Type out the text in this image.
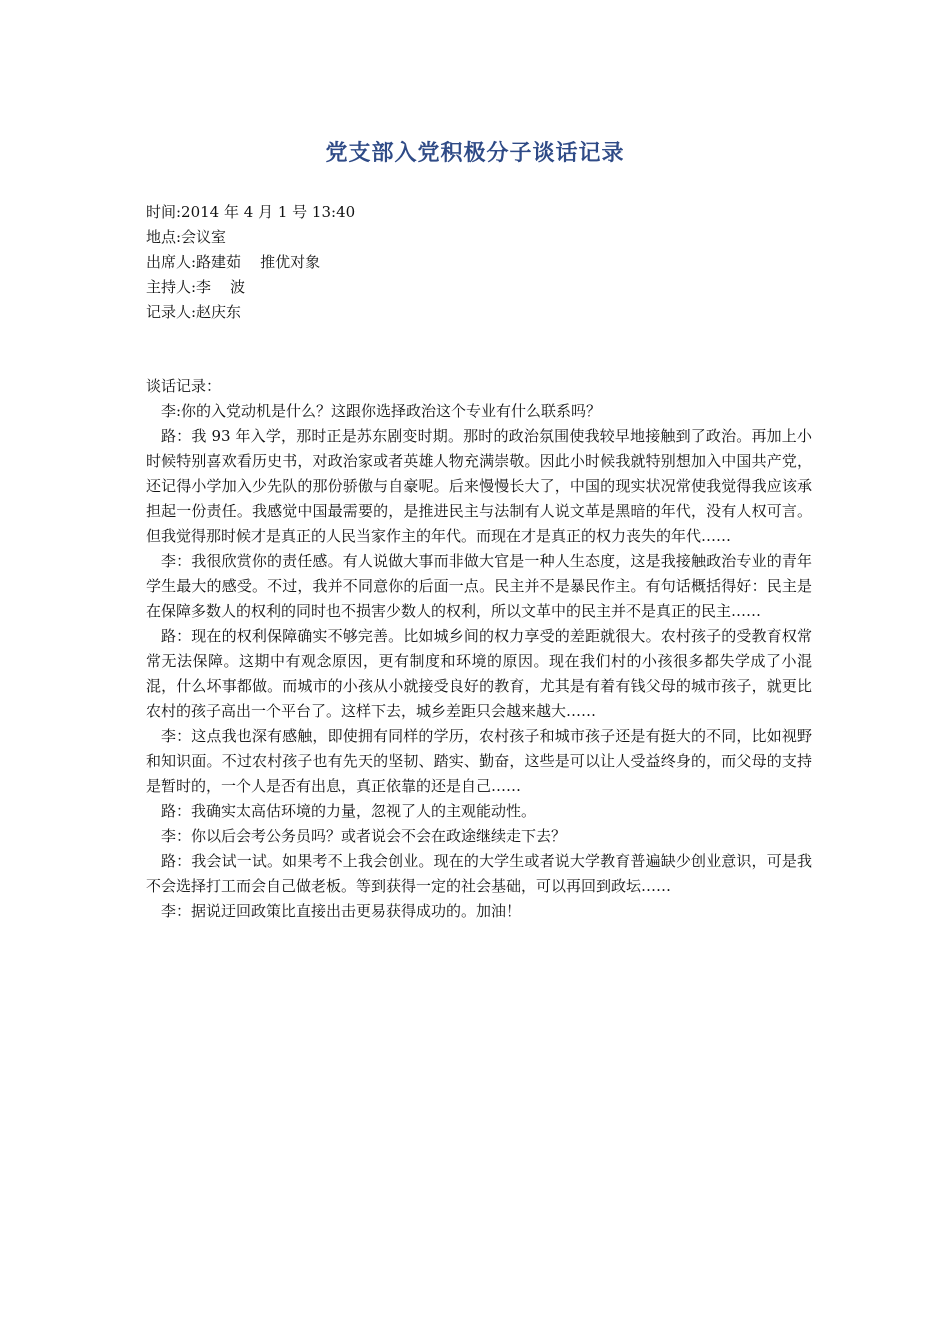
党支部入党积极分子谈话记录
时间:2014 年 4 月 1 号 13:40
地点:会议室
出席人:路建茹    推优对象
主持人:李    波
记录人:赵庆东

谈话记录：

李:你的入党动机是什么？这跟你选择政治这个专业有什么联系吗？

路：我 93 年入学，那时正是苏东剧变时期。那时的政治氛围使我较早地接触到了政治。再加上小时候特别喜欢看历史书，对政治家或者英雄人物充满崇敬。因此小时候我就特别想加入中国共产党，还记得小学加入少先队的那份骄傲与自豪呢。后来慢慢长大了，中国的现实状况常使我觉得我应该承担起一份责任。我感觉中国最需要的，是推进民主与法制有人说文革是黑暗的年代，没有人权可言。但我觉得那时候才是真正的人民当家作主的年代。而现在才是真正的权力丧失的年代……

李：我很欣赏你的责任感。有人说做大事而非做大官是一种人生态度，这是我接触政治专业的青年学生最大的感受。不过，我并不同意你的后面一点。民主并不是暴民作主。有句话概括得好：民主是在保障多数人的权利的同时也不损害少数人的权利，所以文革中的民主并不是真正的民主……

路：现在的权利保障确实不够完善。比如城乡间的权力享受的差距就很大。农村孩子的受教育权常常无法保障。这期中有观念原因，更有制度和环境的原因。现在我们村的小孩很多都失学成了小混混，什么坏事都做。而城市的小孩从小就接受良好的教育，尤其是有着有钱父母的城市孩子，就更比农村的孩子高出一个平台了。这样下去，城乡差距只会越来越大……

李：这点我也深有感触，即使拥有同样的学历，农村孩子和城市孩子还是有挺大的不同，比如视野和知识面。不过农村孩子也有先天的坚韧、踏实、勤奋，这些是可以让人受益终身的，而父母的支持是暂时的，一个人是否有出息，真正依靠的还是自己……

路：我确实太高估环境的力量，忽视了人的主观能动性。

李：你以后会考公务员吗？或者说会不会在政途继续走下去？

路：我会试一试。如果考不上我会创业。现在的大学生或者说大学教育普遍缺少创业意识，可是我不会选择打工而会自己做老板。等到获得一定的社会基础，可以再回到政坛……

李：据说迂回政策比直接出击更易获得成功的。加油！
